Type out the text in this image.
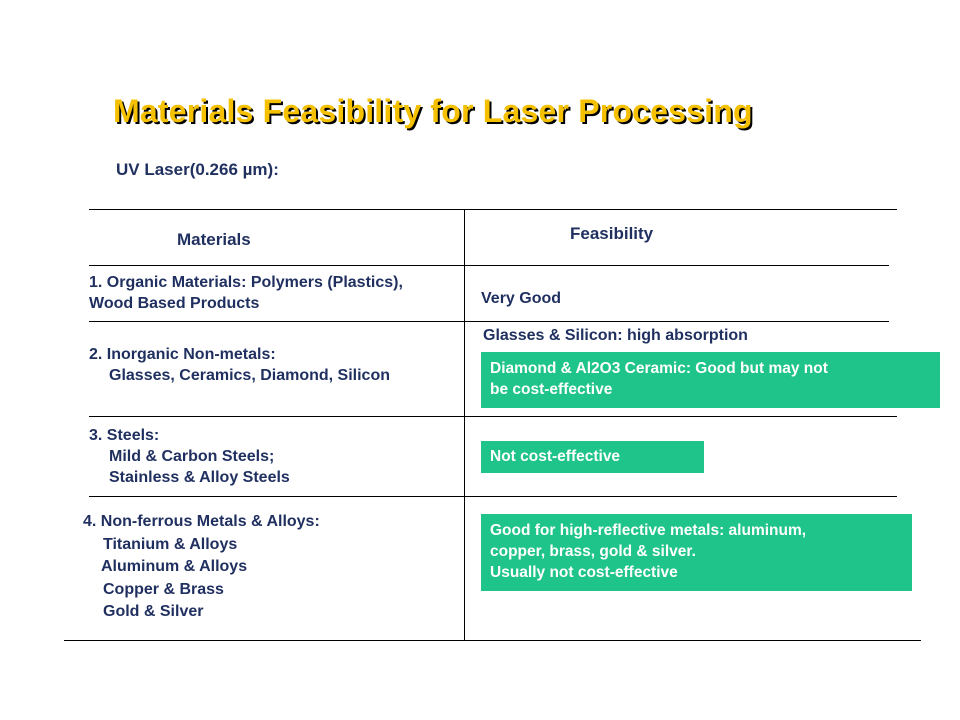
Materials Feasibility for Laser Processing
UV Laser(0.266 µm):
Materials	Feasibility
1. Organic Materials: Polymers (Plastics),
Wood Based Products	Very Good
2. Inorganic Non-metals:
Glasses, Ceramics, Diamond, Silicon
Glasses & Silicon: high absorption
Diamond & Al2O3 Ceramic: Good but may not
be cost-effective
3. Steels:
Mild & Carbon Steels;
Stainless & Alloy Steels
Not cost-effective
4. Non-ferrous Metals & Alloys:
Titanium & Alloys
Aluminum & Alloys
Copper & Brass
Gold & Silver
Good for high-reflective metals: aluminum,
copper, brass, gold & silver.
Usually not cost-effective
